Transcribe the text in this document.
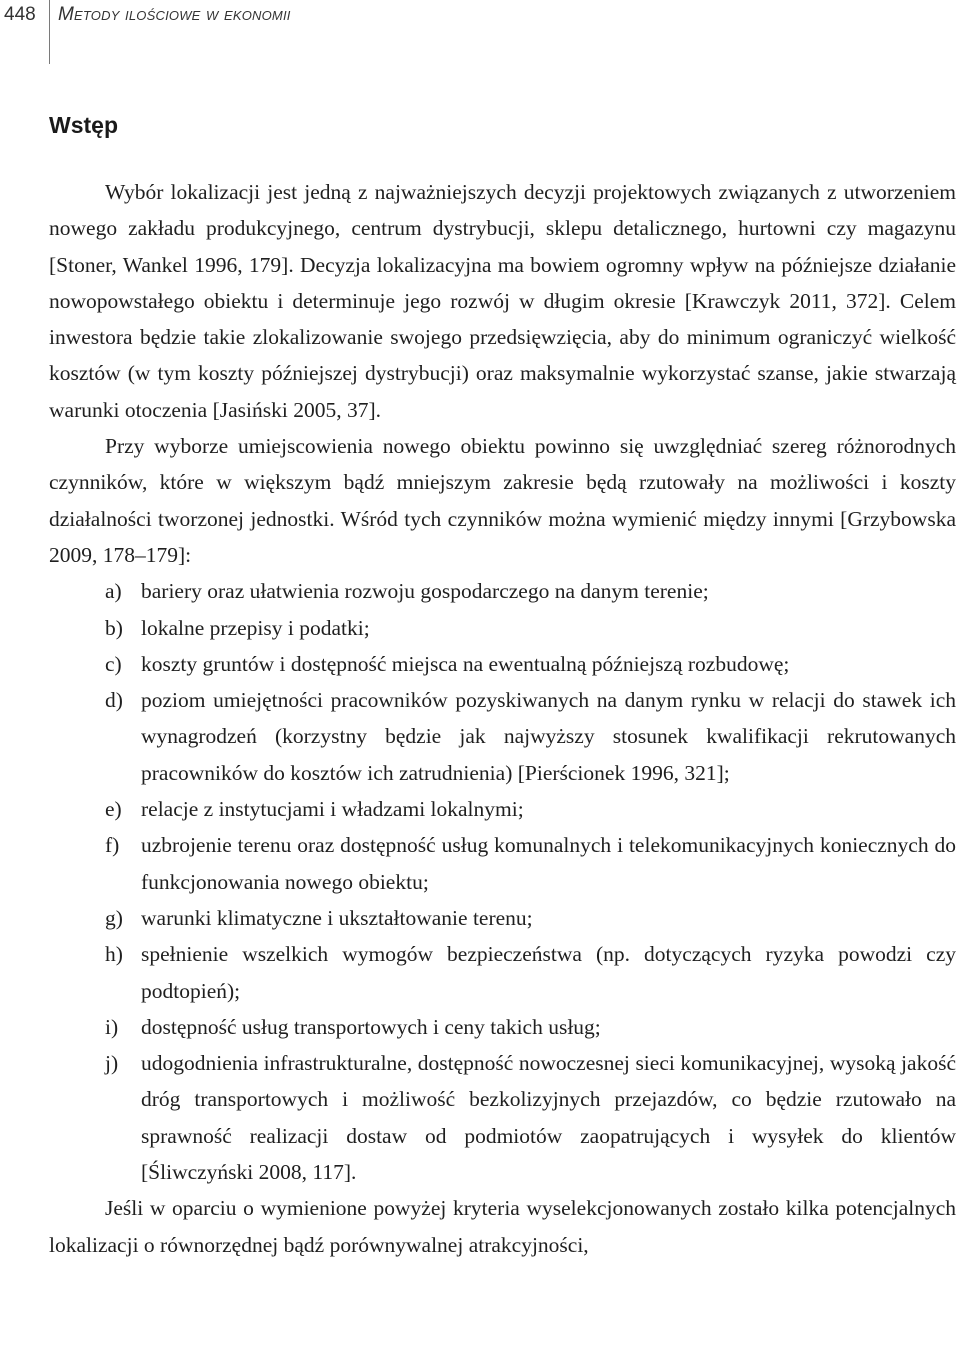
448 Metody ilościowe w ekonomii
Wstęp

Wybór lokalizacji jest jedną z najważniejszych decyzji projektowych związanych z utworzeniem nowego zakładu produkcyjnego, centrum dystrybucji, sklepu detalicznego, hurtowni czy magazynu [Stoner, Wankel 1996, 179]. Decyzja lokalizacyjna ma bowiem ogromny wpływ na późniejsze działanie nowopowstałego obiektu i determinuje jego rozwój w długim okresie [Krawczyk 2011, 372]. Celem inwestora będzie takie zlokalizowanie swojego przedsięwzięcia, aby do minimum ograniczyć wielkość kosztów (w tym koszty późniejszej dystrybucji) oraz maksymalnie wykorzystać szanse, jakie stwarzają warunki otoczenia [Jasiński 2005, 37].

Przy wyborze umiejscowienia nowego obiektu powinno się uwzględniać szereg różnorodnych czynników, które w większym bądź mniejszym zakresie będą rzutowały na możliwości i koszty działalności tworzonej jednostki. Wśród tych czynników można wymienić między innymi [Grzybowska 2009, 178–179]:

a) bariery oraz ułatwienia rozwoju gospodarczego na danym terenie;
b) lokalne przepisy i podatki;
c) koszty gruntów i dostępność miejsca na ewentualną późniejszą rozbudowę;
d) poziom umiejętności pracowników pozyskiwanych na danym rynku w relacji do stawek ich wynagrodzeń (korzystny będzie jak najwyższy stosunek kwalifikacji rekrutowanych pracowników do kosztów ich zatrudnienia) [Pierścionek 1996, 321];
e) relacje z instytucjami i władzami lokalnymi;
f)	uzbrojenie terenu oraz dostępność usług komunalnych i telekomunikacyjnych koniecznych do funkcjonowania nowego obiektu;
g) warunki klimatyczne i ukształtowanie terenu;
h) spełnienie wszelkich wymogów bezpieczeństwa (np. dotyczących ryzyka powodzi czy podtopień);
i)	dostępność usług transportowych i ceny takich usług;
j)	udogodnienia infrastrukturalne, dostępność nowoczesnej sieci komunikacyjnej, wysoką jakość dróg transportowych i możliwość bezkolizyjnych przejazdów, co będzie rzutowało na sprawność realizacji dostaw od podmiotów zaopatrujących i wysyłek do klientów [Śliwczyński 2008, 117].

Jeśli w oparciu o wymienione powyżej kryteria wyselekcjonowanych zostało kilka potencjalnych lokalizacji o równorzędnej bądź porównywalnej atrakcyjności,
